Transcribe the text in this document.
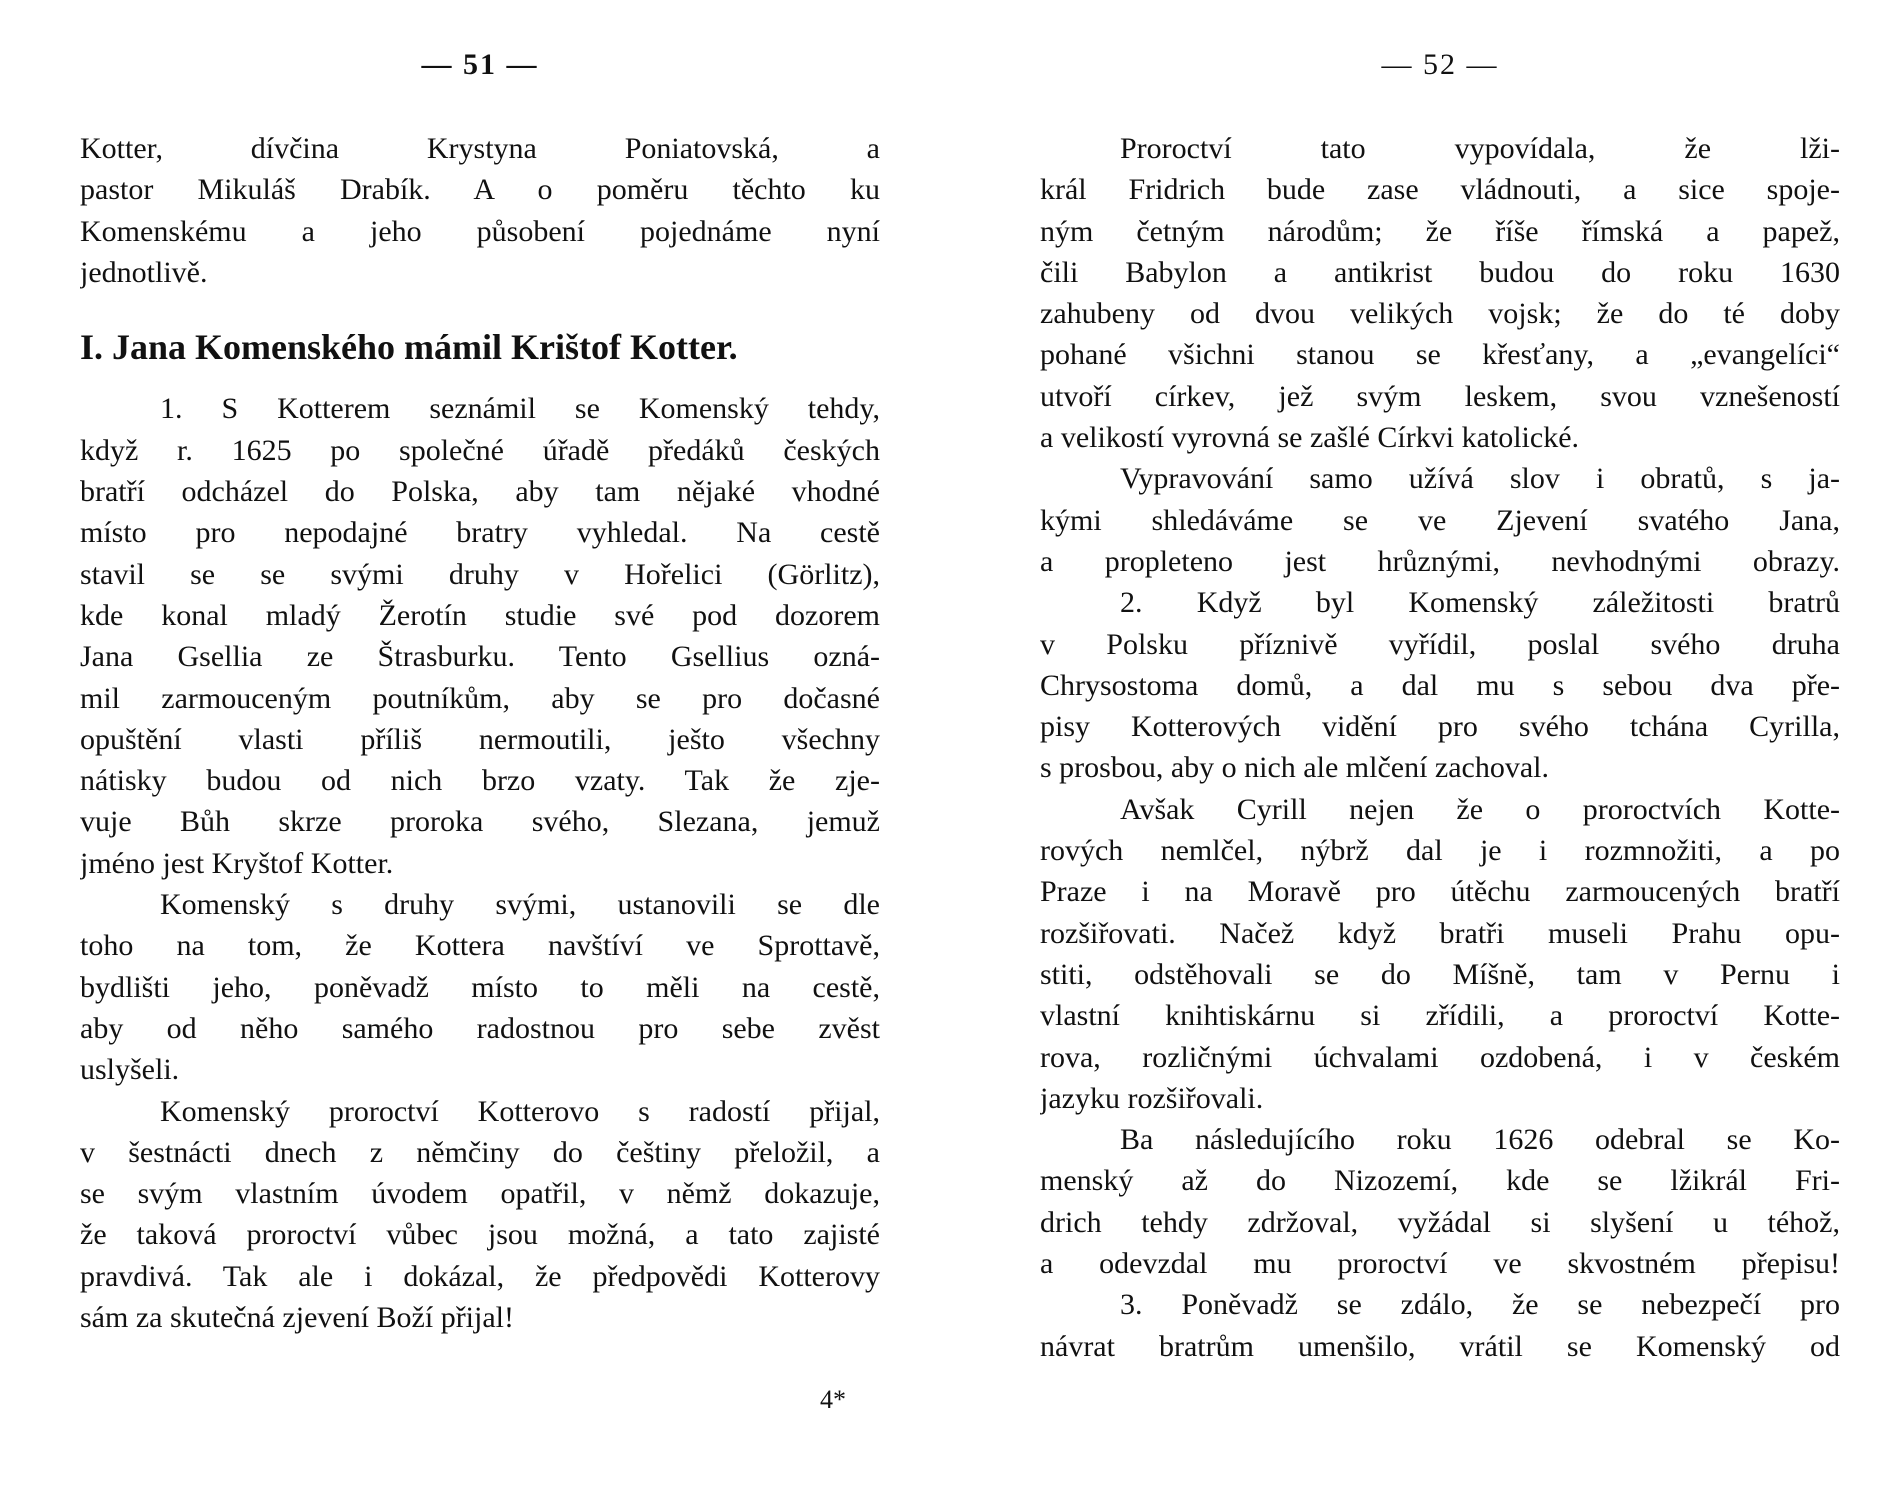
— 51 —
Kotter, dívčina Krystyna Poniatovská, a
pastor Mikuláš Drabík. A o poměru těchto ku
Komenskému a jeho působení pojednáme nyní
jednotlivě.
I. Jana Komenského mámil Krištof Kotter.
1. S Kotterem seznámil se Komenský tehdy,
když r. 1625 po společné úřadě předáků českých
bratří odcházel do Polska, aby tam nějaké vhodné
místo pro nepodajné bratry vyhledal. Na cestě
stavil se se svými druhy v Hořelici (Görlitz),
kde konal mladý Žerotín studie své pod dozorem
Jana Gsellia ze Štrasburku. Tento Gsellius ozná-
mil zarmouceným poutníkům, aby se pro dočasné
opuštění vlasti příliš nermoutili, ješto všechny
nátisky budou od nich brzo vzaty. Tak že zje-
vuje Bůh skrze proroka svého, Slezana, jemuž
jméno jest Kryštof Kotter.
Komenský s druhy svými, ustanovili se dle
toho na tom, že Kottera navštíví ve Sprottavě,
bydlišti jeho, poněvadž místo to měli na cestě,
aby od něho samého radostnou pro sebe zvěst
uslyšeli.
Komenský proroctví Kotterovo s radostí přijal,
v šestnácti dnech z němčiny do češtiny přeložil, a
se svým vlastním úvodem opatřil, v němž dokazuje,
že taková proroctví vůbec jsou možná, a tato zajisté
pravdivá. Tak ale i dokázal, že předpovědi Kotterovy
sám za skutečná zjevení Boží přijal!
4*
— 52 —
Proroctví tato vypovídala, že lži-
král Fridrich bude zase vládnouti, a sice spoje-
ným četným národům; že říše římská a papež,
čili Babylon a antikrist budou do roku 1630
zahubeny od dvou velikých vojsk; že do té doby
pohané všichni stanou se křesťany, a „evangelíci“
utvoří církev, jež svým leskem, svou vznešeností
a velikostí vyrovná se zašlé Církvi katolické.
Vypravování samo užívá slov i obratů, s ja-
kými shledáváme se ve Zjevení svatého Jana,
a propleteno jest hrůznými, nevhodnými obrazy.
2. Když byl Komenský záležitosti bratrů
v Polsku příznivě vyřídil, poslal svého druha
Chrysostoma domů, a dal mu s sebou dva pře-
pisy Kotterových vidění pro svého tchána Cyrilla,
s prosbou, aby o nich ale mlčení zachoval.
Avšak Cyrill nejen že o proroctvích Kotte-
rových nemlčel, nýbrž dal je i rozmnožiti, a po
Praze i na Moravě pro útěchu zarmoucených bratří
rozšiřovati. Načež když bratři museli Prahu opu-
stiti, odstěhovali se do Míšně, tam v Pernu i
vlastní knihtiskárnu si zřídili, a proroctví Kotte-
rova, rozličnými úchvalami ozdobená, i v českém
jazyku rozšiřovali.
Ba následujícího roku 1626 odebral se Ko-
menský až do Nizozemí, kde se lžikrál Fri-
drich tehdy zdržoval, vyžádal si slyšení u téhož,
a odevzdal mu proroctví ve skvostném přepisu!
3. Poněvadž se zdálo, že se nebezpečí pro
návrat bratrům umenšilo, vrátil se Komenský od
